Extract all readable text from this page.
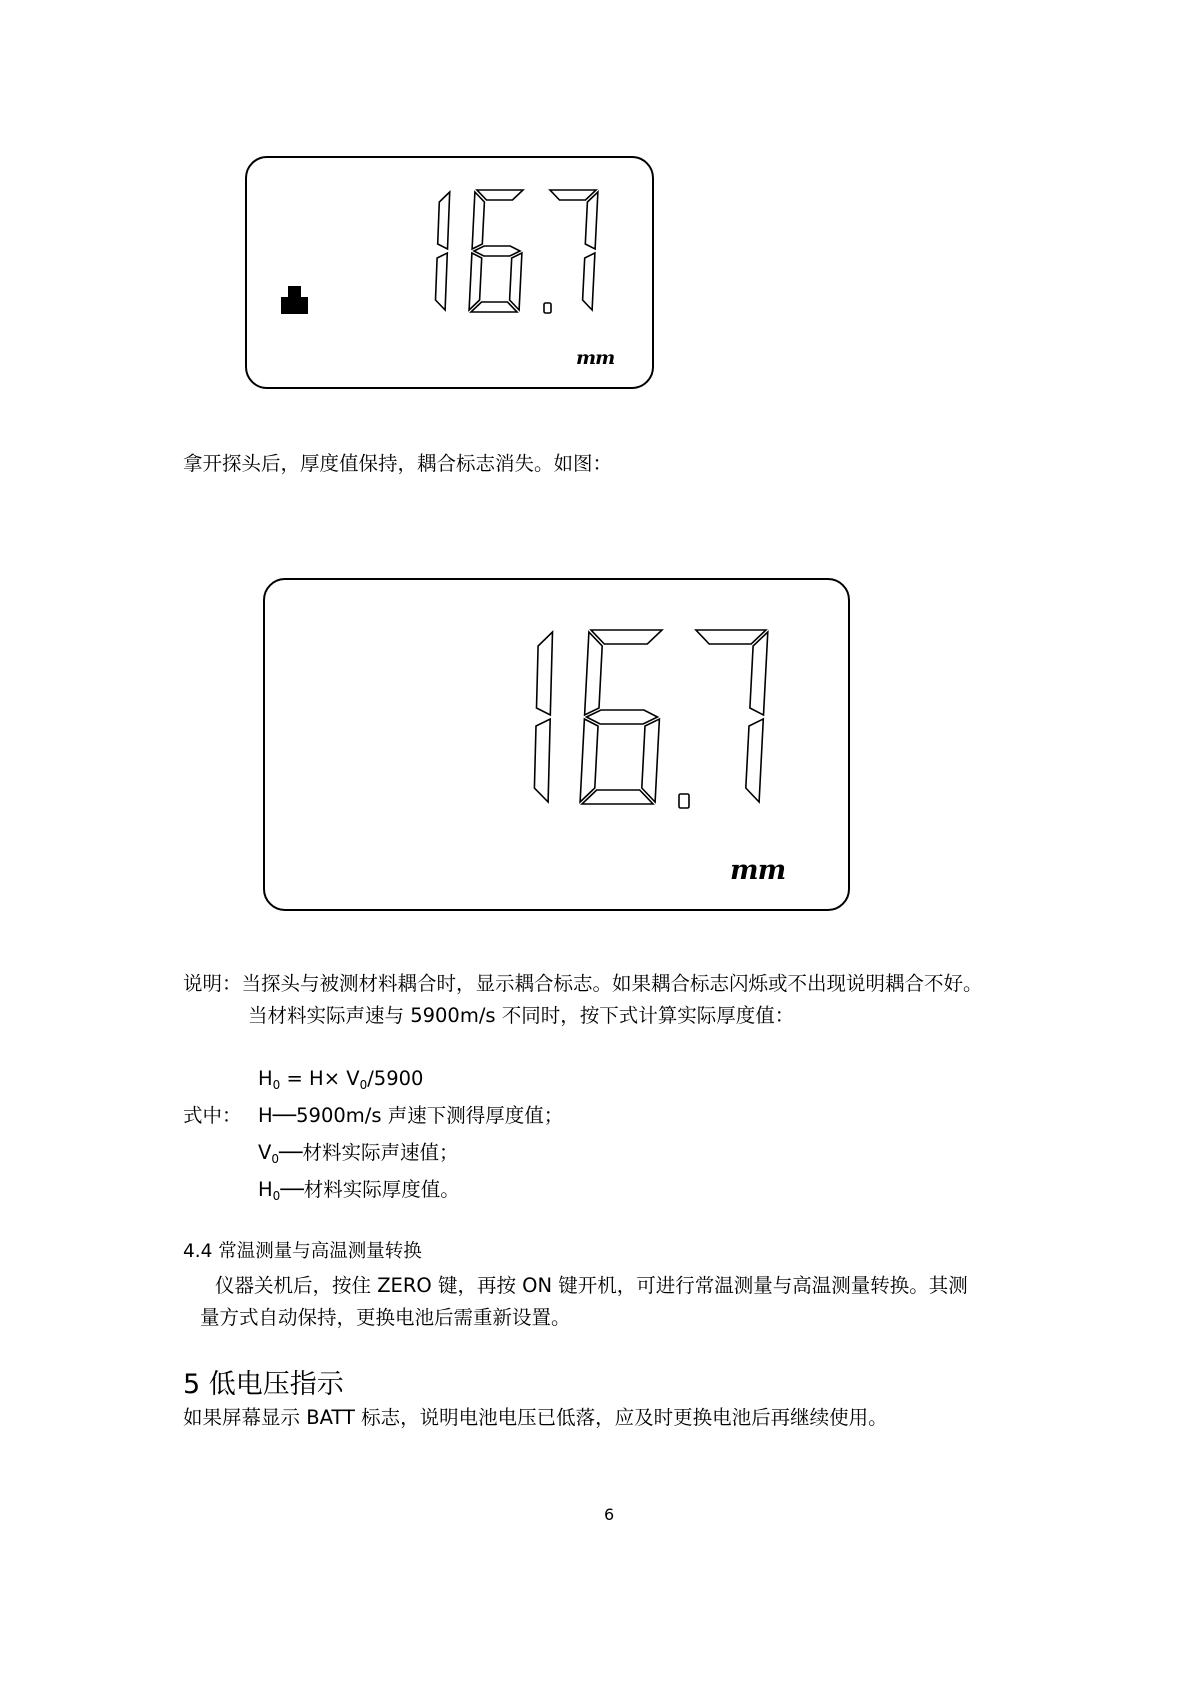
mm
拿开探头后，厚度值保持，耦合标志消失。如图：
mm
说明：当探头与被测材料耦合时，显示耦合标志。如果耦合标志闪烁或不出现说明耦合不好。
当材料实际声速与 5900m/s 不同时，按下式计算实际厚度值：
$H_0 = H\times V_0/5900$
式中： H──5900m/s 声速下测得厚度值；
$V_0──$材料实际声速值；
$H_0──$材料实际厚度值。
4.4 常温测量与高温测量转换
仪器关机后，按住 ZERO 键，再按 ON 键开机，可进行常温测量与高温测量转换。其测
量方式自动保持，更换电池后需重新设置。
5 低电压指示
如果屏幕显示 BATT 标志，说明电池电压已低落，应及时更换电池后再继续使用。
6
